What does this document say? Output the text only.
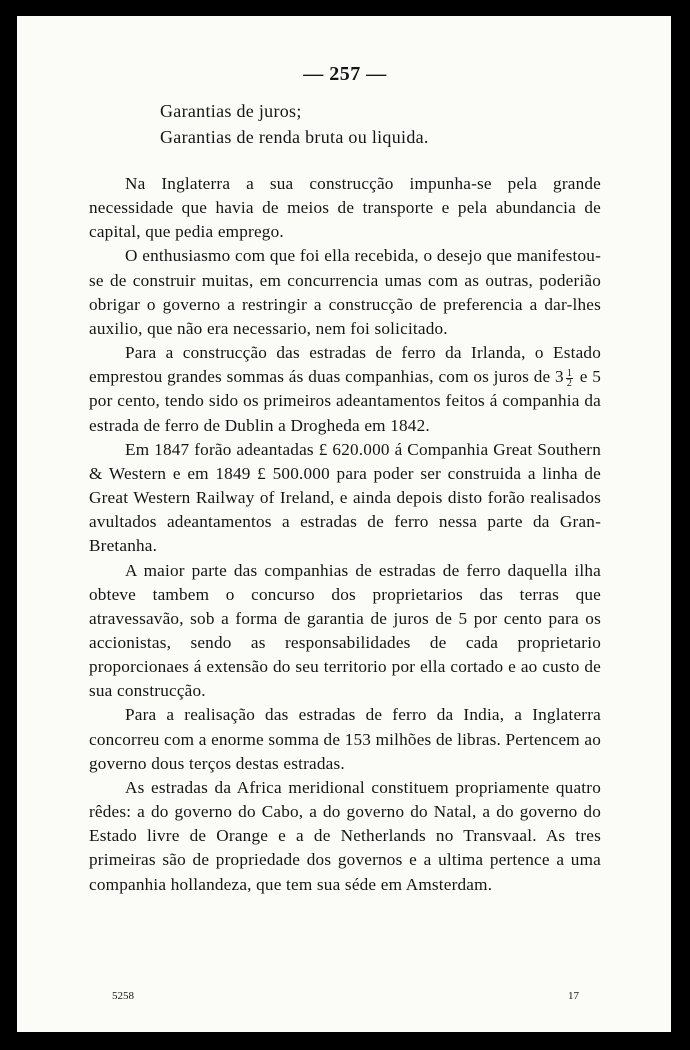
— 257 —
Garantias de juros;
Garantias de renda bruta ou liquida.

Na Inglaterra a sua construcção impunha-se pela grande necessidade que havia de meios de transporte e pela abundancia de capital, que pedia emprego.

O enthusiasmo com que foi ella recebida, o desejo que manifestou-se de construir muitas, em concurrencia umas com as outras, poderião obrigar o governo a restringir a construcção de preferencia a dar-lhes auxilio, que não era necessario, nem foi solicitado.

Para a construcção das estradas de ferro da Irlanda, o Estado emprestou grandes sommas ás duas companhias, com os juros de $3 \frac{1}{2}$ e 5 por cento, tendo sido os primeiros adeantamentos feitos á companhia da estrada de ferro de Dublin a Drogheda em 1842.

Em 1847 forão adeantadas £ 620.000 á Companhia Great Southern & Western e em 1849 £ 500.000 para poder ser construida a linha de Great Western Railway of Ireland, e ainda depois disto forão realisados avultados adeantamentos a estradas de ferro nessa parte da Gran-Bretanha.

A maior parte das companhias de estradas de ferro daquella ilha obteve tambem o concurso dos proprietarios das terras que atravessavão, sob a forma de garantia de juros de 5 por cento para os accionistas, sendo as responsabilidades de cada proprietario proporcionaes á extensão do seu territorio por ella cortado e ao custo de sua construcção.

Para a realisação das estradas de ferro da India, a Inglaterra concorreu com a enorme somma de 153 milhões de libras. Pertencem ao governo dous terços destas estradas.

As estradas da Africa meridional constituem propriamente quatro rêdes: a do governo do Cabo, a do governo do Natal, a do governo do Estado livre de Orange e a de Netherlands no Transvaal. As tres primeiras são de propriedade dos governos e a ultima pertence a uma companhia hollandeza, que tem sua séde em Amsterdam.

5258	17
